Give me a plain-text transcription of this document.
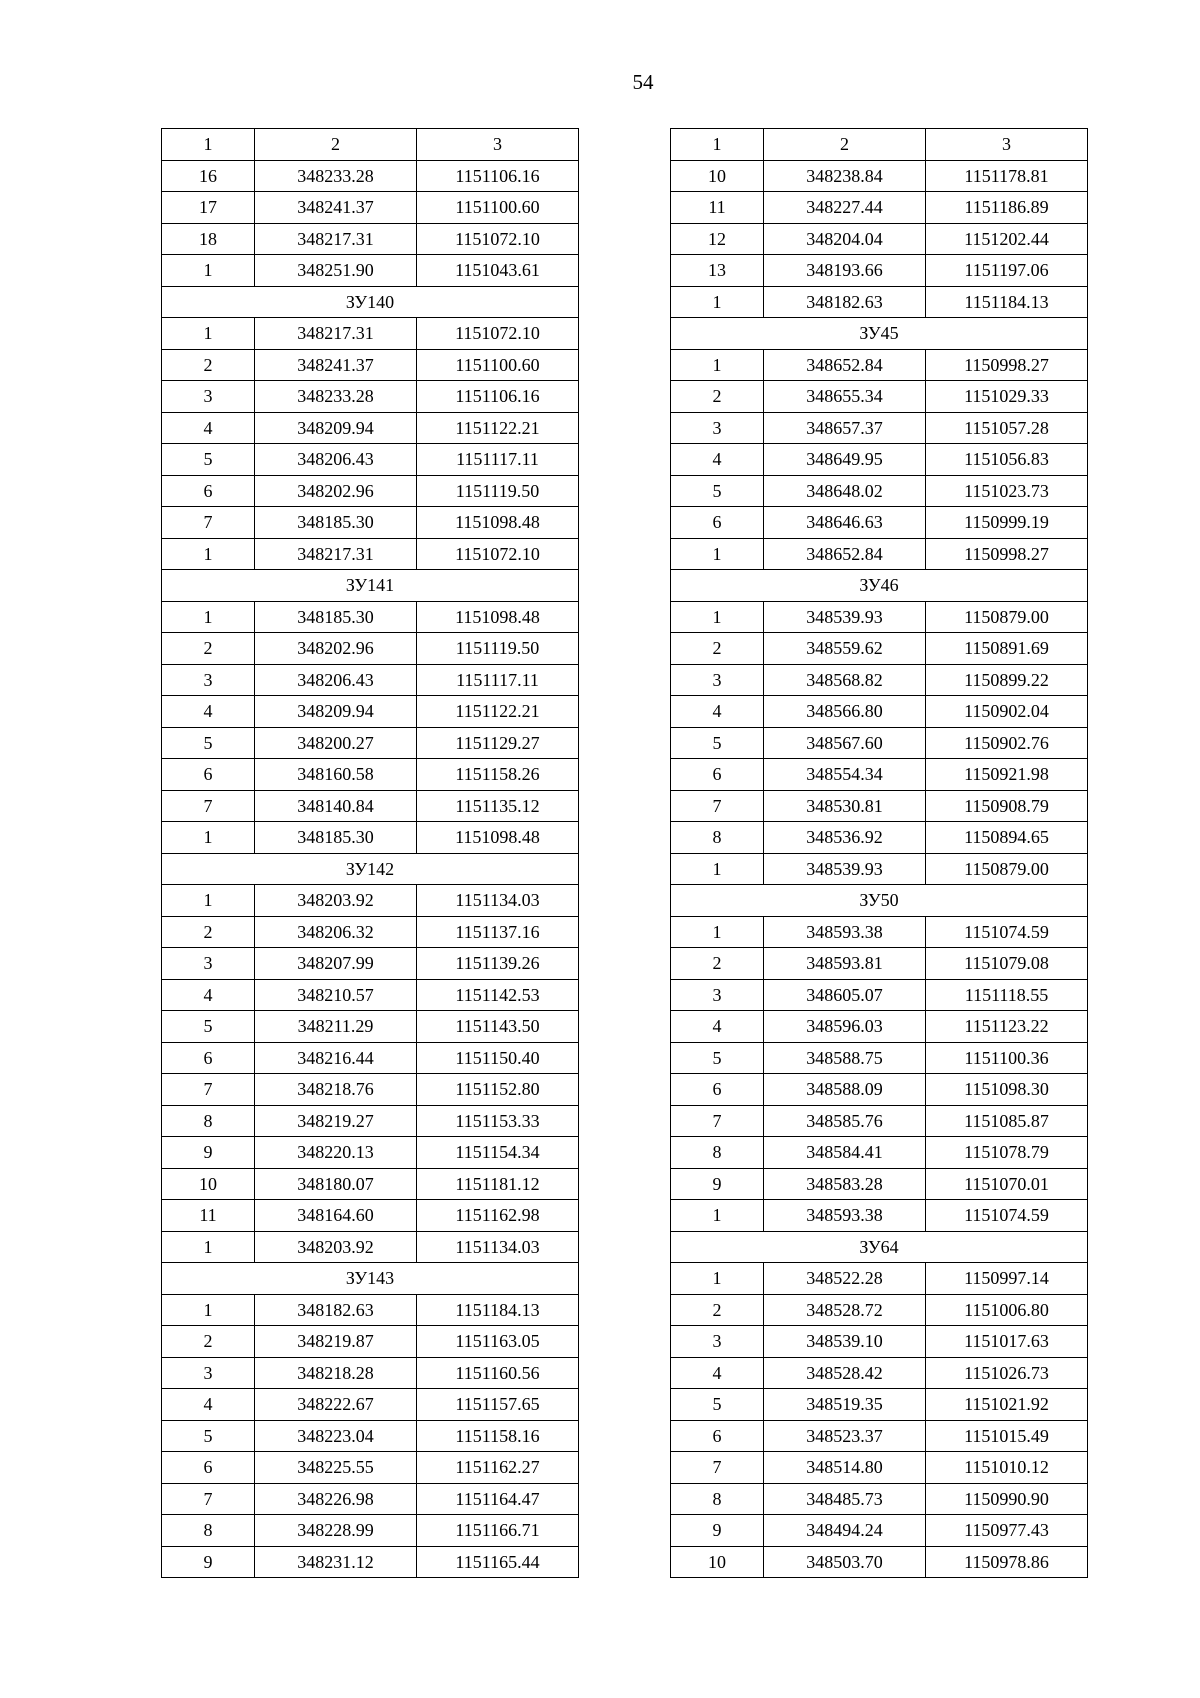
54
1	2	3
16	348233.28	1151106.16
17	348241.37	1151100.60
18	348217.31	1151072.10
1	348251.90	1151043.61
ЗУ140		
1	348217.31	1151072.10
2	348241.37	1151100.60
3	348233.28	1151106.16
4	348209.94	1151122.21
5	348206.43	1151117.11
6	348202.96	1151119.50
7	348185.30	1151098.48
1	348217.31	1151072.10
ЗУ141		
1	348185.30	1151098.48
2	348202.96	1151119.50
3	348206.43	1151117.11
4	348209.94	1151122.21
5	348200.27	1151129.27
6	348160.58	1151158.26
7	348140.84	1151135.12
1	348185.30	1151098.48
ЗУ142		
1	348203.92	1151134.03
2	348206.32	1151137.16
3	348207.99	1151139.26
4	348210.57	1151142.53
5	348211.29	1151143.50
6	348216.44	1151150.40
7	348218.76	1151152.80
8	348219.27	1151153.33
9	348220.13	1151154.34
10	348180.07	1151181.12
11	348164.60	1151162.98
1	348203.92	1151134.03
ЗУ143		
1	348182.63	1151184.13
2	348219.87	1151163.05
3	348218.28	1151160.56
4	348222.67	1151157.65
5	348223.04	1151158.16
6	348225.55	1151162.27
7	348226.98	1151164.47
8	348228.99	1151166.71
9	348231.12	1151165.44
1	2	3
10	348238.84	1151178.81
11	348227.44	1151186.89
12	348204.04	1151202.44
13	348193.66	1151197.06
1	348182.63	1151184.13
ЗУ45		
1	348652.84	1150998.27
2	348655.34	1151029.33
3	348657.37	1151057.28
4	348649.95	1151056.83
5	348648.02	1151023.73
6	348646.63	1150999.19
1	348652.84	1150998.27
ЗУ46		
1	348539.93	1150879.00
2	348559.62	1150891.69
3	348568.82	1150899.22
4	348566.80	1150902.04
5	348567.60	1150902.76
6	348554.34	1150921.98
7	348530.81	1150908.79
8	348536.92	1150894.65
1	348539.93	1150879.00
ЗУ50		
1	348593.38	1151074.59
2	348593.81	1151079.08
3	348605.07	1151118.55
4	348596.03	1151123.22
5	348588.75	1151100.36
6	348588.09	1151098.30
7	348585.76	1151085.87
8	348584.41	1151078.79
9	348583.28	1151070.01
1	348593.38	1151074.59
ЗУ64		
1	348522.28	1150997.14
2	348528.72	1151006.80
3	348539.10	1151017.63
4	348528.42	1151026.73
5	348519.35	1151021.92
6	348523.37	1151015.49
7	348514.80	1151010.12
8	348485.73	1150990.90
9	348494.24	1150977.43
10	348503.70	1150978.86
